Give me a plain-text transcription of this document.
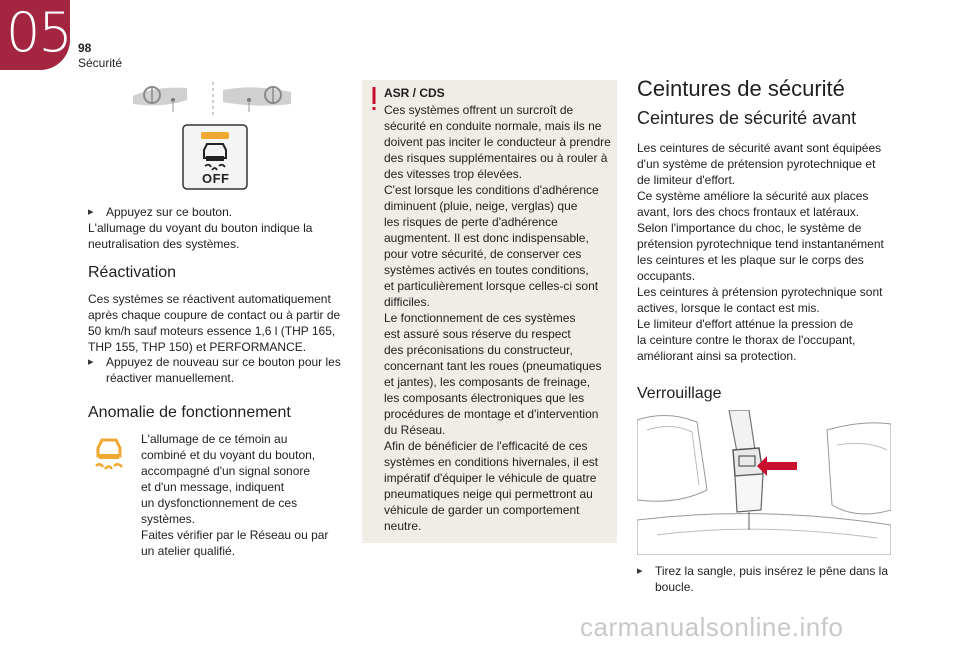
05 98
Sécurité
OFF
▸	Appuyez sur ce bouton.
L'allumage du voyant du bouton indique la
neutralisation des systèmes.
Réactivation
Ces systèmes se réactivent automatiquement
après chaque coupure de contact ou à partir de
50 km/h sauf moteurs essence 1,6 l (THP 165,
THP 155, THP 150) et PERFORMANCE.
▸	Appuyez de nouveau sur ce bouton pour les
réactiver manuellement.
Anomalie de fonctionnement
L'allumage de ce témoin au
combiné et du voyant du bouton,
accompagné d'un signal sonore
et d'un message, indiquent
un dysfonctionnement de ces
systèmes.
Faites vérifier par le Réseau ou par
un atelier qualifié.
ASR / CDS
Ces systèmes offrent un surcroît de
sécurité en conduite normale, mais ils ne
doivent pas inciter le conducteur à prendre
des risques supplémentaires ou à rouler à
des vitesses trop élevées.
C'est lorsque les conditions d'adhérence
diminuent (pluie, neige, verglas) que
les risques de perte d'adhérence
augmentent. Il est donc indispensable,
pour votre sécurité, de conserver ces
systèmes activés en toutes conditions,
et particulièrement lorsque celles-ci sont
difficiles.
Le fonctionnement de ces systèmes
est assuré sous réserve du respect
des préconisations du constructeur,
concernant tant les roues (pneumatiques
et jantes), les composants de freinage,
les composants électroniques que les
procédures de montage et d'intervention
du Réseau.
Afin de bénéficier de l'efficacité de ces
systèmes en conditions hivernales, il est
impératif d'équiper le véhicule de quatre
pneumatiques neige qui permettront au
véhicule de garder un comportement
neutre.
Ceintures de sécurité
Ceintures de sécurité avant
Les ceintures de sécurité avant sont équipées
d'un système de prétension pyrotechnique et
de limiteur d'effort.
Ce système améliore la sécurité aux places
avant, lors des chocs frontaux et latéraux.
Selon l'importance du choc, le système de
prétension pyrotechnique tend instantanément
les ceintures et les plaque sur le corps des
occupants.
Les ceintures à prétension pyrotechnique sont
actives, lorsque le contact est mis.
Le limiteur d'effort atténue la pression de
la ceinture contre le thorax de l'occupant,
améliorant ainsi sa protection.
Verrouillage
▸	Tirez la sangle, puis insérez le pêne dans la
boucle.
carmanualsonline.info
